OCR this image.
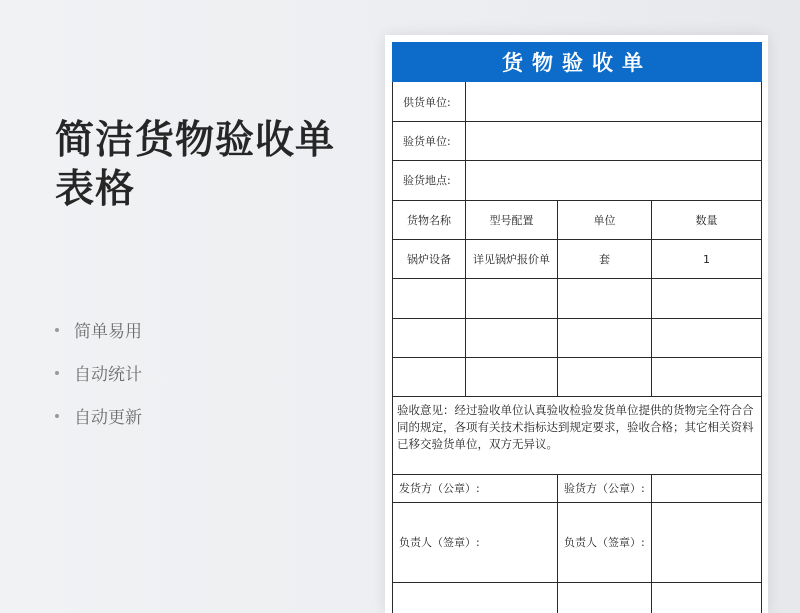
简洁货物验收单
表格
简单易用
自动统计
自动更新
货物验收单			
供货单位:			
验货单位:			
验货地点:			
货物名称	型号配置	单位	数量
锅炉设备	详见锅炉报价单	套	1

验收意见：经过验收单位认真验收检验发货单位提供的货物完全符合合同的规定，各项有关技术指标达到规定要求，验收合格；其它相关资料已移交验货单位，双方无异议。			
发货方（公章）:		验货方（公章）:	
负责人（签章）:		负责人（签章）:	
